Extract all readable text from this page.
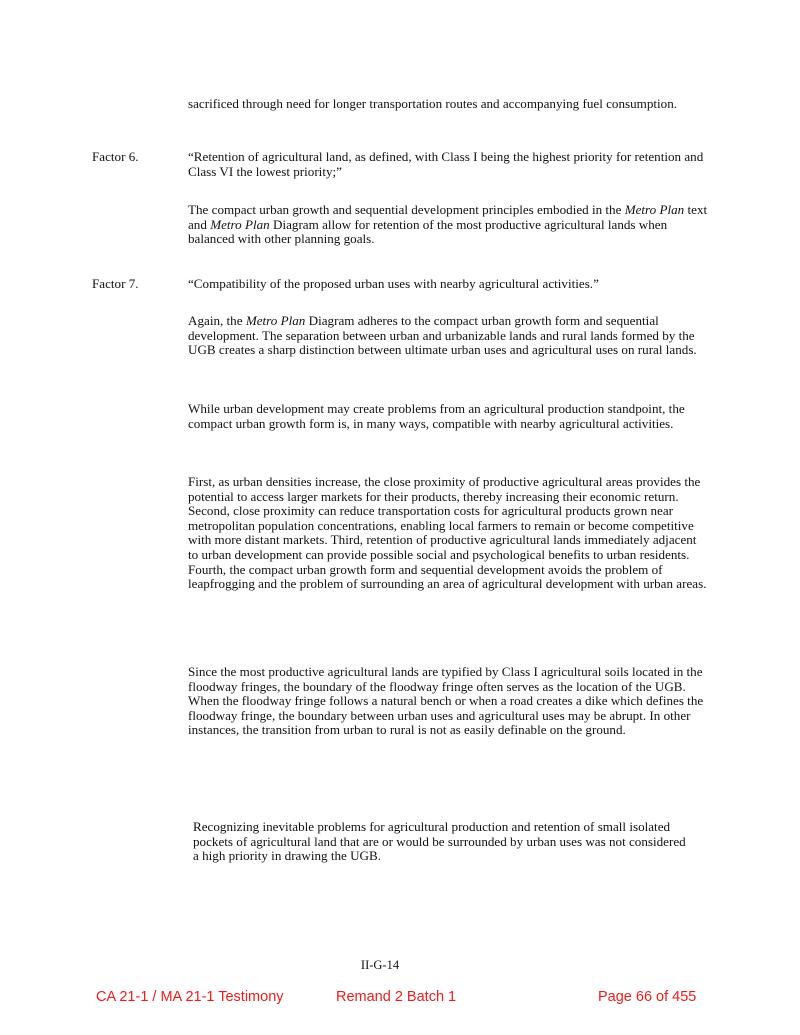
sacrificed through need for longer transportation routes and accompanying fuel consumption.

Factor 6.	“Retention of agricultural land, as defined, with Class I being the highest priority for retention and Class VI the lowest priority;”

The compact urban growth and sequential development principles embodied in the Metro Plan text and Metro Plan Diagram allow for retention of the most productive agricultural lands when balanced with other planning goals.

Factor 7.	“Compatibility of the proposed urban uses with nearby agricultural activities.”

Again, the Metro Plan Diagram adheres to the compact urban growth form and sequential development. The separation between urban and urbanizable lands and rural lands formed by the UGB creates a sharp distinction between ultimate urban uses and agricultural uses on rural lands.

While urban development may create problems from an agricultural production standpoint, the compact urban growth form is, in many ways, compatible with nearby agricultural activities.

First, as urban densities increase, the close proximity of productive agricultural areas provides the potential to access larger markets for their products, thereby increasing their economic return. Second, close proximity can reduce transportation costs for agricultural products grown near metropolitan population concentrations, enabling local farmers to remain or become competitive with more distant markets. Third, retention of productive agricultural lands immediately adjacent to urban development can provide possible social and psychological benefits to urban residents. Fourth, the compact urban growth form and sequential development avoids the problem of leapfrogging and the problem of surrounding an area of agricultural development with urban areas.

Since the most productive agricultural lands are typified by Class I agricultural soils located in the floodway fringes, the boundary of the floodway fringe often serves as the location of the UGB. When the floodway fringe follows a natural bench or when a road creates a dike which defines the floodway fringe, the boundary between urban uses and agricultural uses may be abrupt. In other instances, the transition from urban to rural is not as easily definable on the ground.

Recognizing inevitable problems for agricultural production and retention of small isolated pockets of agricultural land that are or would be surrounded by urban uses was not considered a high priority in drawing the UGB.

II-G-14
CA 21-1 / MA 21-1 Testimony	Remand 2 Batch 1	Page 66 of 455
